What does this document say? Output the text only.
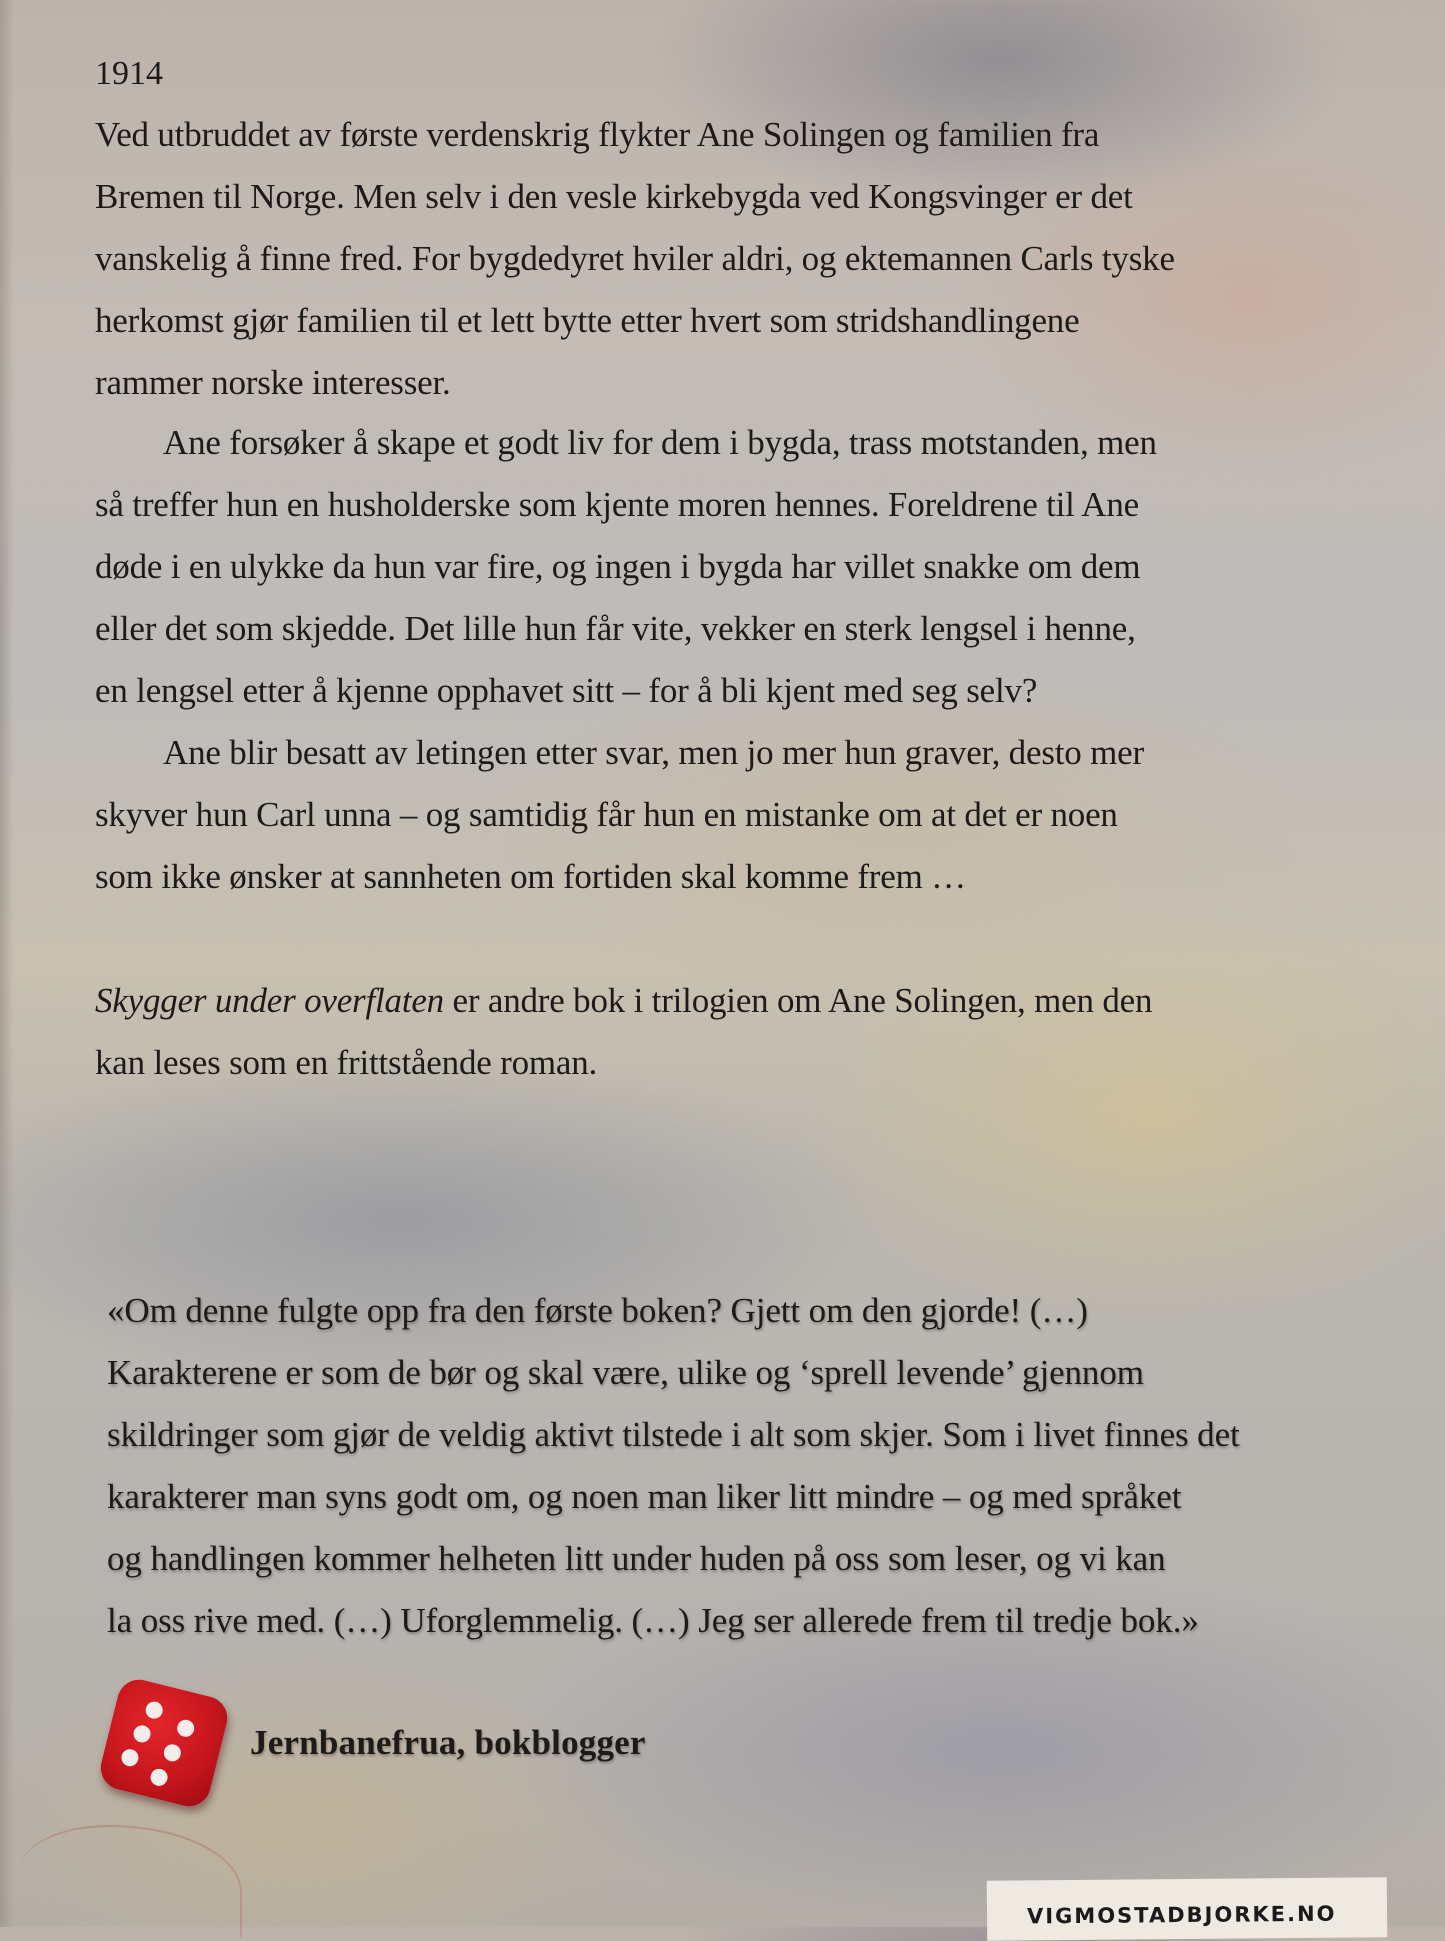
1914
Ved utbruddet av første verdenskrig flykter Ane Solingen og familien fra
Bremen til Norge. Men selv i den vesle kirkebygda ved Kongsvinger er det
vanskelig å finne fred. For bygdedyret hviler aldri, og ektemannen Carls tyske
herkomst gjør familien til et lett bytte etter hvert som stridshandlingene
rammer norske interesser.
Ane forsøker å skape et godt liv for dem i bygda, trass motstanden, men
så treffer hun en husholderske som kjente moren hennes. Foreldrene til Ane
døde i en ulykke da hun var fire, og ingen i bygda har villet snakke om dem
eller det som skjedde. Det lille hun får vite, vekker en sterk lengsel i henne,
en lengsel etter å kjenne opphavet sitt – for å bli kjent med seg selv?
Ane blir besatt av letingen etter svar, men jo mer hun graver, desto mer
skyver hun Carl unna – og samtidig får hun en mistanke om at det er noen
som ikke ønsker at sannheten om fortiden skal komme frem …
Skygger under overflaten er andre bok i trilogien om Ane Solingen, men den
kan leses som en frittstående roman.
«Om denne fulgte opp fra den første boken? Gjett om den gjorde! (…)
Karakterene er som de bør og skal være, ulike og ‘sprell levende’ gjennom
skildringer som gjør de veldig aktivt tilstede i alt som skjer. Som i livet finnes det
karakterer man syns godt om, og noen man liker litt mindre – og med språket
og handlingen kommer helheten litt under huden på oss som leser, og vi kan
la oss rive med. (…) Uforglemmelig. (…) Jeg ser allerede frem til tredje bok.»
Jernbanefrua, bokblogger
VIGMOSTADBJORKE.NO
